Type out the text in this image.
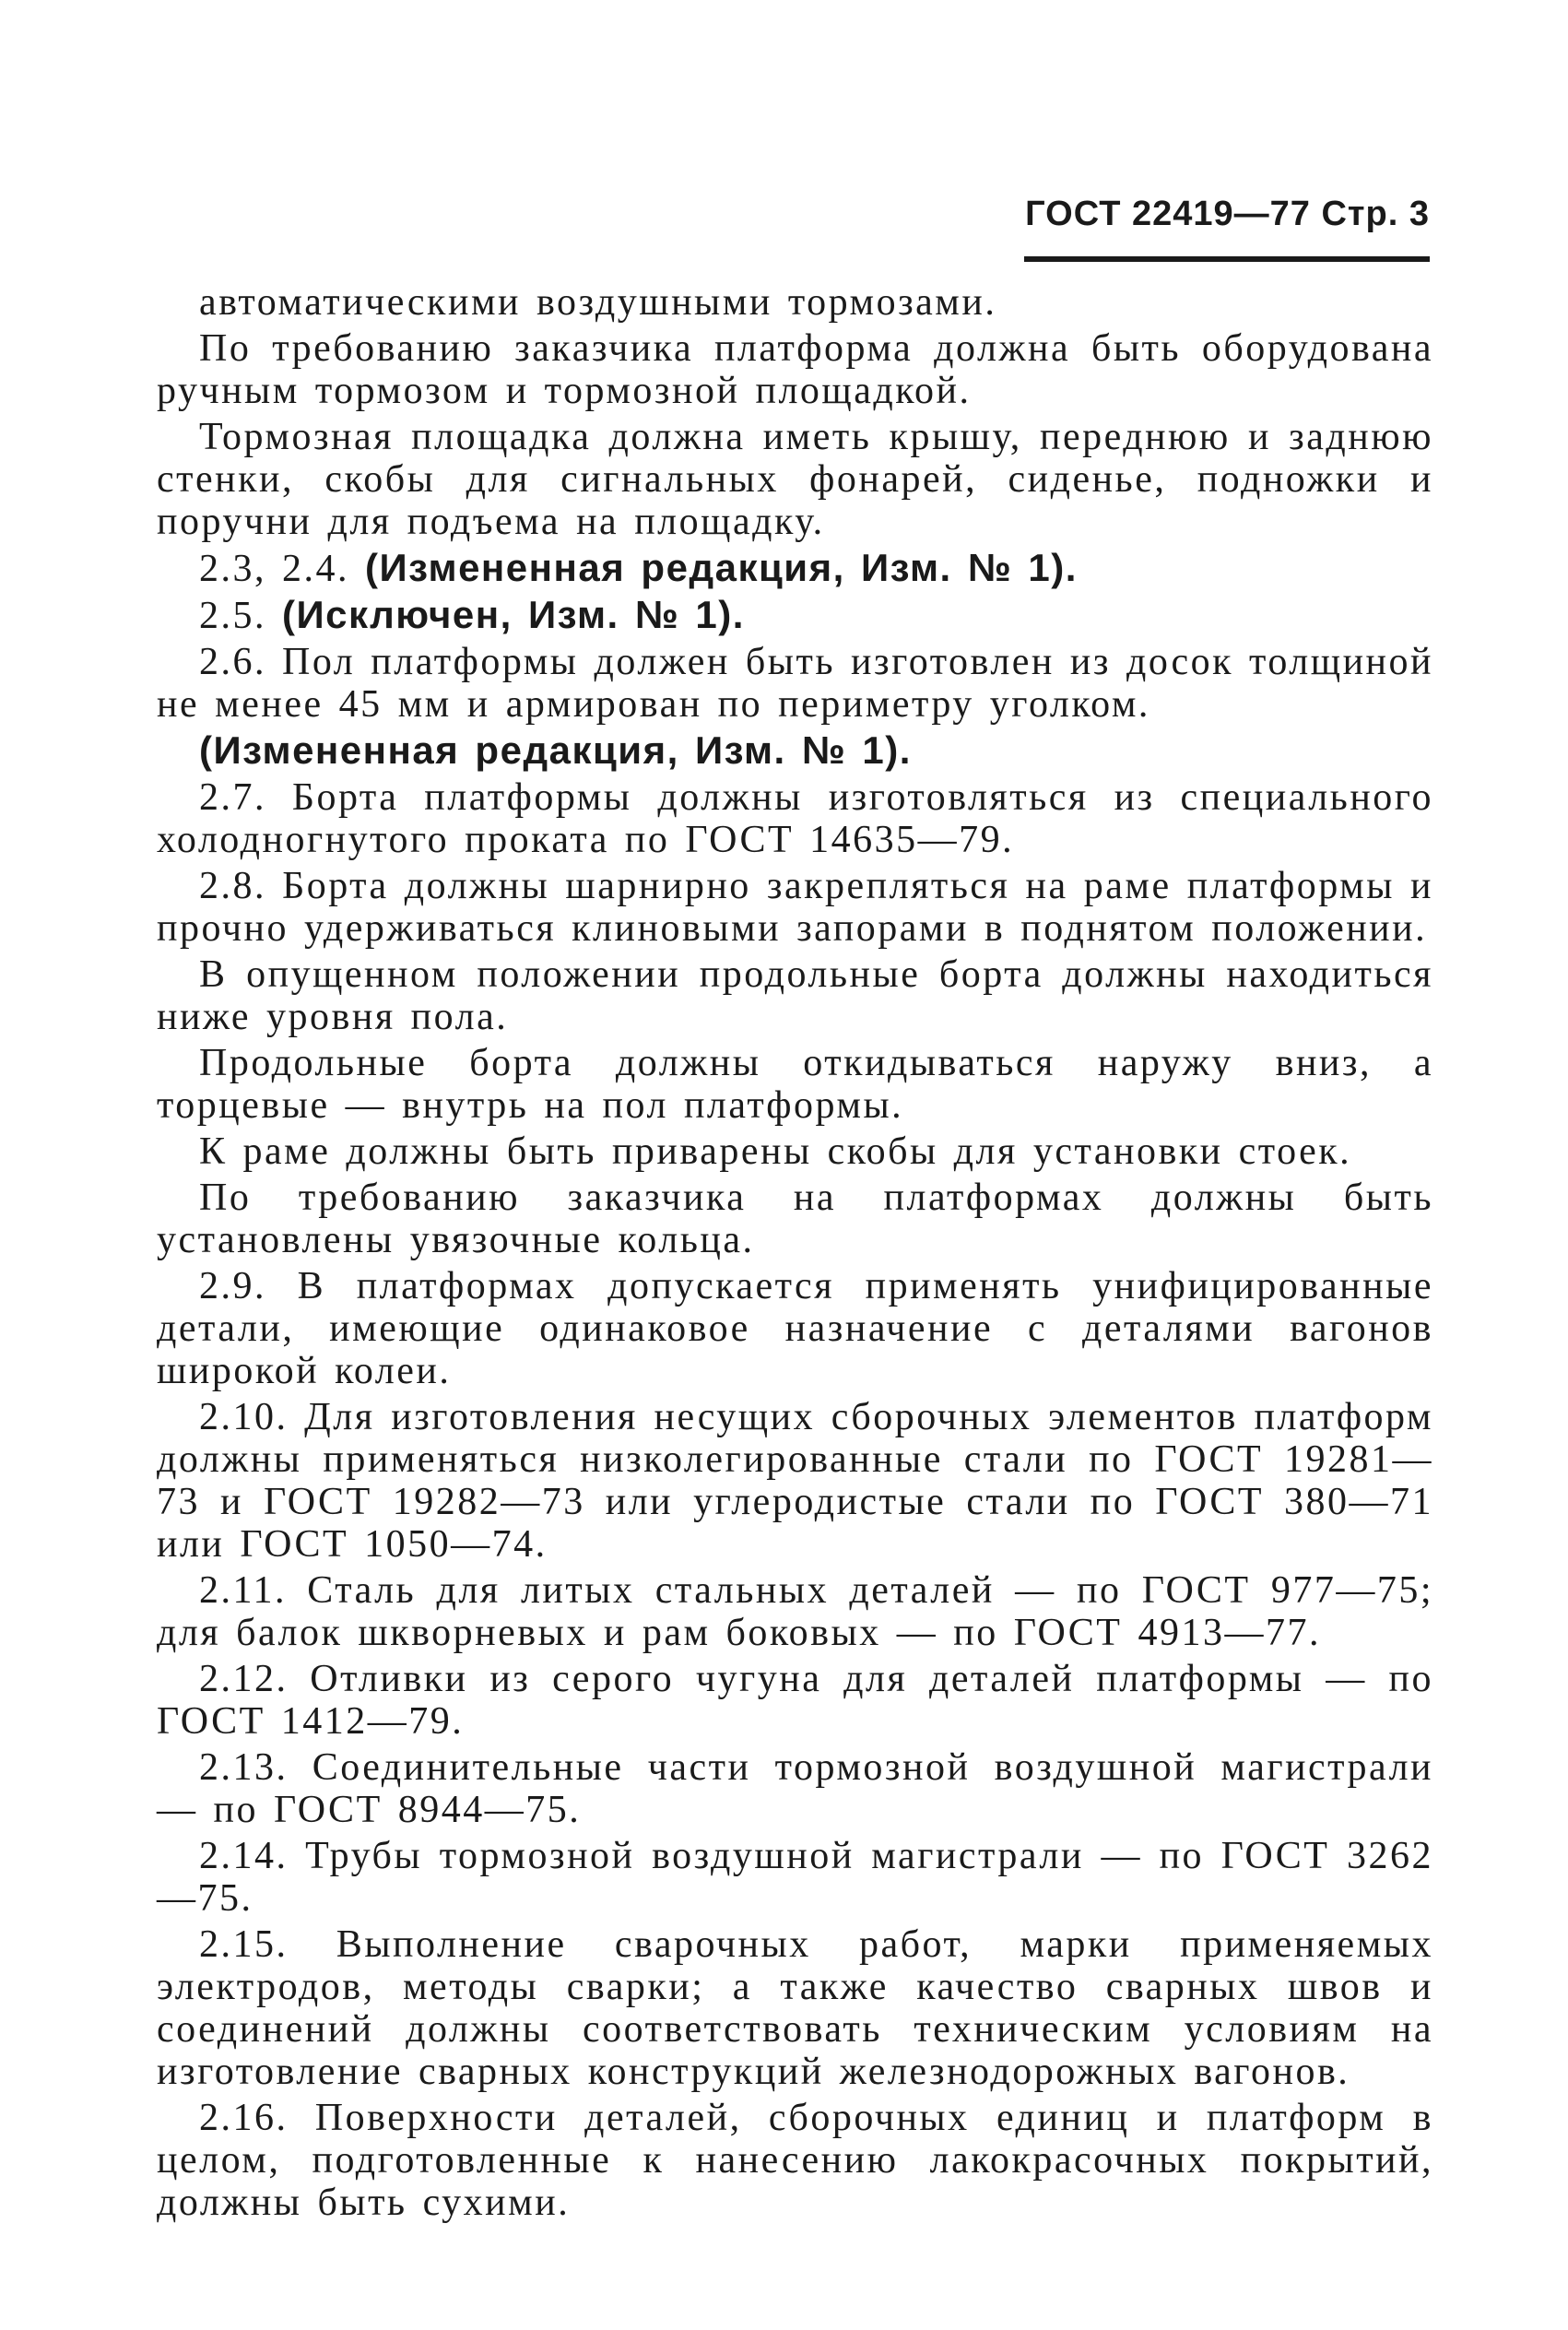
ГОСТ 22419—77 Стр. 3

автоматическими воздушными тормозами.

По требованию заказчика платформа должна быть оборудована ручным тормозом и тормозной площадкой.

Тормозная площадка должна иметь крышу, переднюю и заднюю стенки, скобы для сигнальных фонарей, сиденье, подножки и поручни для подъема на площадку.

2.3, 2.4. (Измененная редакция, Изм. № 1).

2.5. (Исключен, Изм. № 1).

2.6. Пол платформы должен быть изготовлен из досок толщиной не менее 45 мм и армирован по периметру уголком.

(Измененная редакция, Изм. № 1).

2.7. Борта платформы должны изготовляться из специального холодногнутого проката по ГОСТ 14635—79.

2.8. Борта должны шарнирно закрепляться на раме платформы и прочно удерживаться клиновыми запорами в поднятом положении.

В опущенном положении продольные борта должны находиться ниже уровня пола.

Продольные борта должны откидываться наружу вниз, а торцевые — внутрь на пол платформы.

К раме должны быть приварены скобы для установки стоек.

По требованию заказчика на платформах должны быть установлены увязочные кольца.

2.9. В платформах допускается применять унифицированные детали, имеющие одинаковое назначение с деталями вагонов широкой колеи.

2.10. Для изготовления несущих сборочных элементов платформ должны применяться низколегированные стали по ГОСТ 19281—73 и ГОСТ 19282—73 или углеродистые стали по ГОСТ 380—71 или ГОСТ 1050—74.

2.11. Сталь для литых стальных деталей — по ГОСТ 977—75; для балок шкворневых и рам боковых — по ГОСТ 4913—77.

2.12. Отливки из серого чугуна для деталей платформы — по ГОСТ 1412—79.

2.13. Соединительные части тормозной воздушной магистрали — по ГОСТ 8944—75.

2.14. Трубы тормозной воздушной магистрали — по ГОСТ 3262—75.

2.15. Выполнение сварочных работ, марки применяемых электродов, методы сварки; а также качество сварных швов и соединений должны соответствовать техническим условиям на изготовление сварных конструкций железнодорожных вагонов.

2.16. Поверхности деталей, сборочных единиц и платформ в целом, подготовленные к нанесению лакокрасочных покрытий, должны быть сухими.
